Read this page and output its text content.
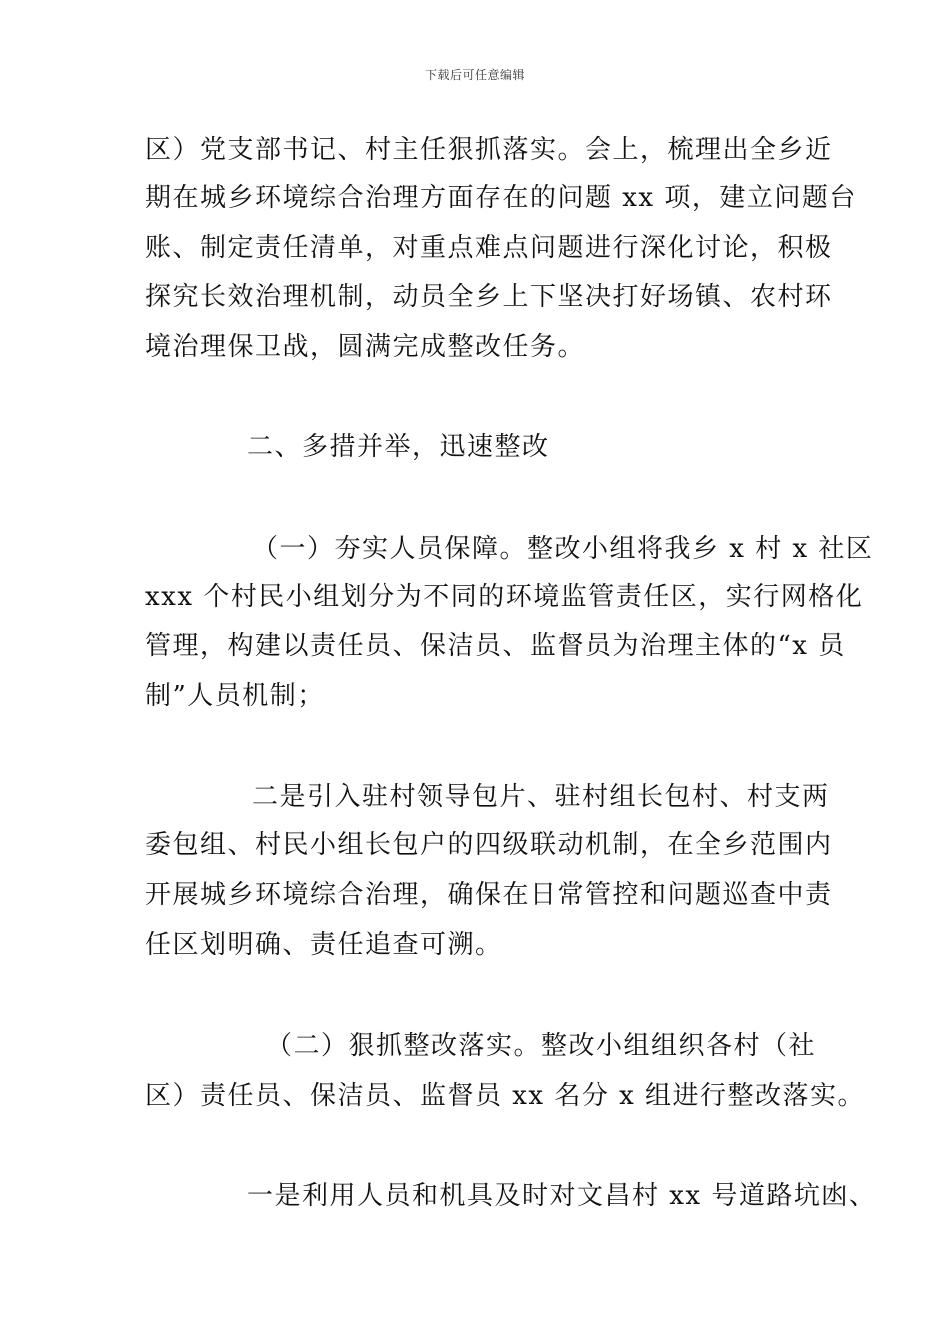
下载后可任意编辑
区）党支部书记、村主任狠抓落实。会上，梳理出全乡近
期在城乡环境综合治理方面存在的问题 xx 项，建立问题台
账、制定责任清单，对重点难点问题进行深化讨论，积极
探究长效治理机制，动员全乡上下坚决打好场镇、农村环
境治理保卫战，圆满完成整改任务。
二、多措并举，迅速整改
（一）夯实人员保障。整改小组将我乡 x 村 x 社区
xxx 个村民小组划分为不同的环境监管责任区，实行网格化
管理，构建以责任员、保洁员、监督员为治理主体的“x 员
制”人员机制；
二是引入驻村领导包片、驻村组长包村、村支两
委包组、村民小组长包户的四级联动机制，在全乡范围内
开展城乡环境综合治理，确保在日常管控和问题巡查中责
任区划明确、责任追查可溯。
（二）狠抓整改落实。整改小组组织各村（社
区）责任员、保洁员、监督员 xx 名分 x 组进行整改落实。
一是利用人员和机具及时对文昌村 xx 号道路坑凼、
